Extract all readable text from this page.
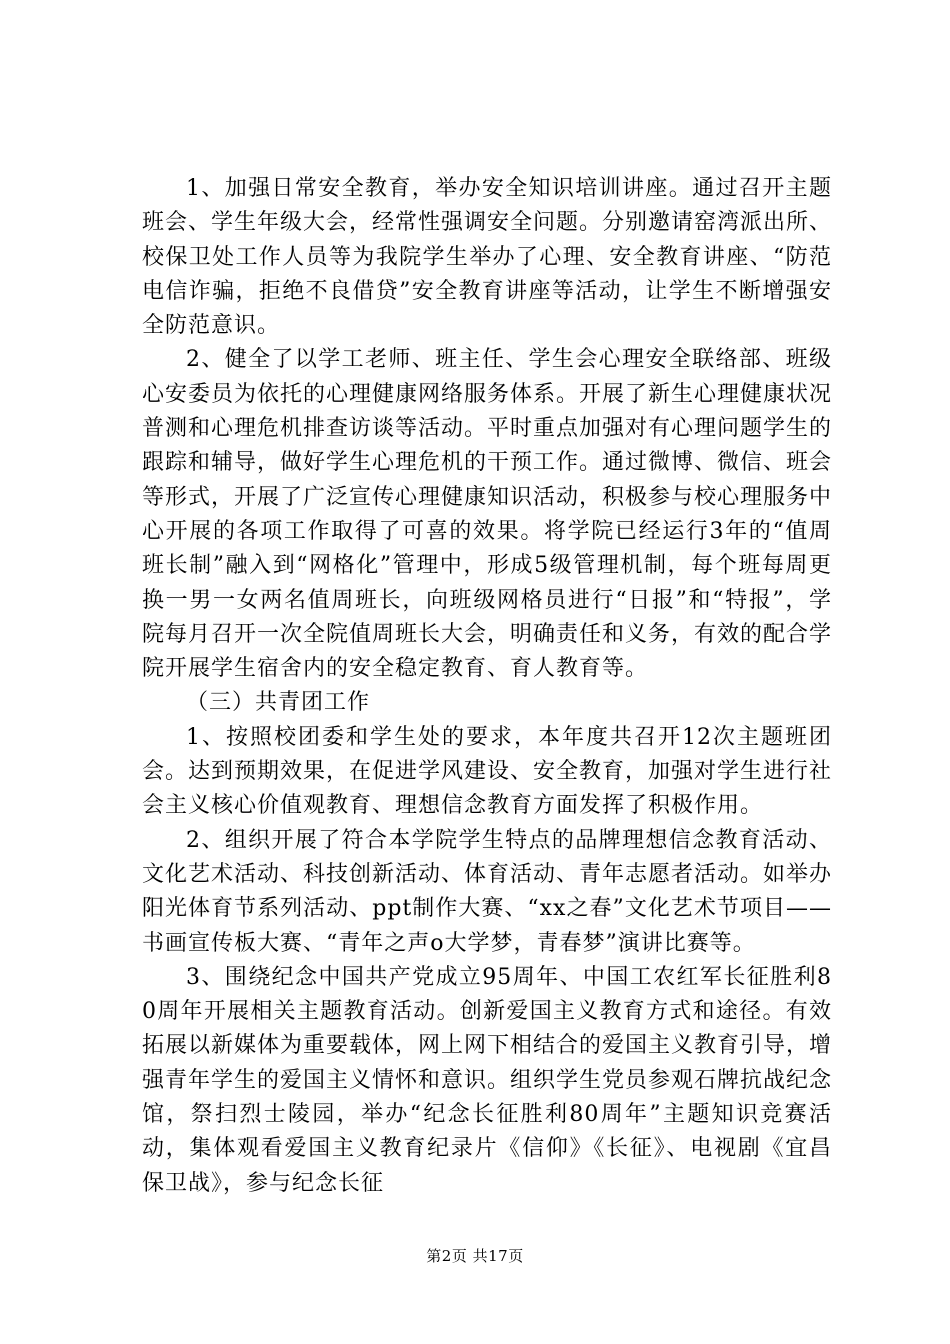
1、加强日常安全教育，举办安全知识培训讲座。通过召开主题班会、学生年级大会，经常性强调安全问题。分别邀请窑湾派出所、校保卫处工作人员等为我院学生举办了心理、安全教育讲座、“防范电信诈骗，拒绝不良借贷”安全教育讲座等活动，让学生不断增强安全防范意识。

2、健全了以学工老师、班主任、学生会心理安全联络部、班级心安委员为依托的心理健康网络服务体系。开展了新生心理健康状况普测和心理危机排查访谈等活动。平时重点加强对有心理问题学生的跟踪和辅导，做好学生心理危机的干预工作。通过微博、微信、班会等形式，开展了广泛宣传心理健康知识活动，积极参与校心理服务中心开展的各项工作取得了可喜的效果。将学院已经运行3年的“值周班长制”融入到“网格化”管理中，形成5级管理机制，每个班每周更换一男一女两名值周班长，向班级网格员进行“日报”和“特报”，学院每月召开一次全院值周班长大会，明确责任和义务，有效的配合学院开展学生宿舍内的安全稳定教育、育人教育等。

（三）共青团工作

1、按照校团委和学生处的要求，本年度共召开12次主题班团会。达到预期效果，在促进学风建设、安全教育，加强对学生进行社会主义核心价值观教育、理想信念教育方面发挥了积极作用。

2、组织开展了符合本学院学生特点的品牌理想信念教育活动、文化艺术活动、科技创新活动、体育活动、青年志愿者活动。如举办阳光体育节系列活动、ppt制作大赛、“xx之春”文化艺术节项目——书画宣传板大赛、“青年之声o大学梦，青春梦”演讲比赛等。

3、围绕纪念中国共产党成立95周年、中国工农红军长征胜利80周年开展相关主题教育活动。创新爱国主义教育方式和途径。有效拓展以新媒体为重要载体，网上网下相结合的爱国主义教育引导，增强青年学生的爱国主义情怀和意识。组织学生党员参观石牌抗战纪念馆，祭扫烈士陵园，举办“纪念长征胜利80周年”主题知识竞赛活动，集体观看爱国主义教育纪录片《信仰》《长征》、电视剧《宜昌保卫战》，参与纪念长征

第2页 共17页
